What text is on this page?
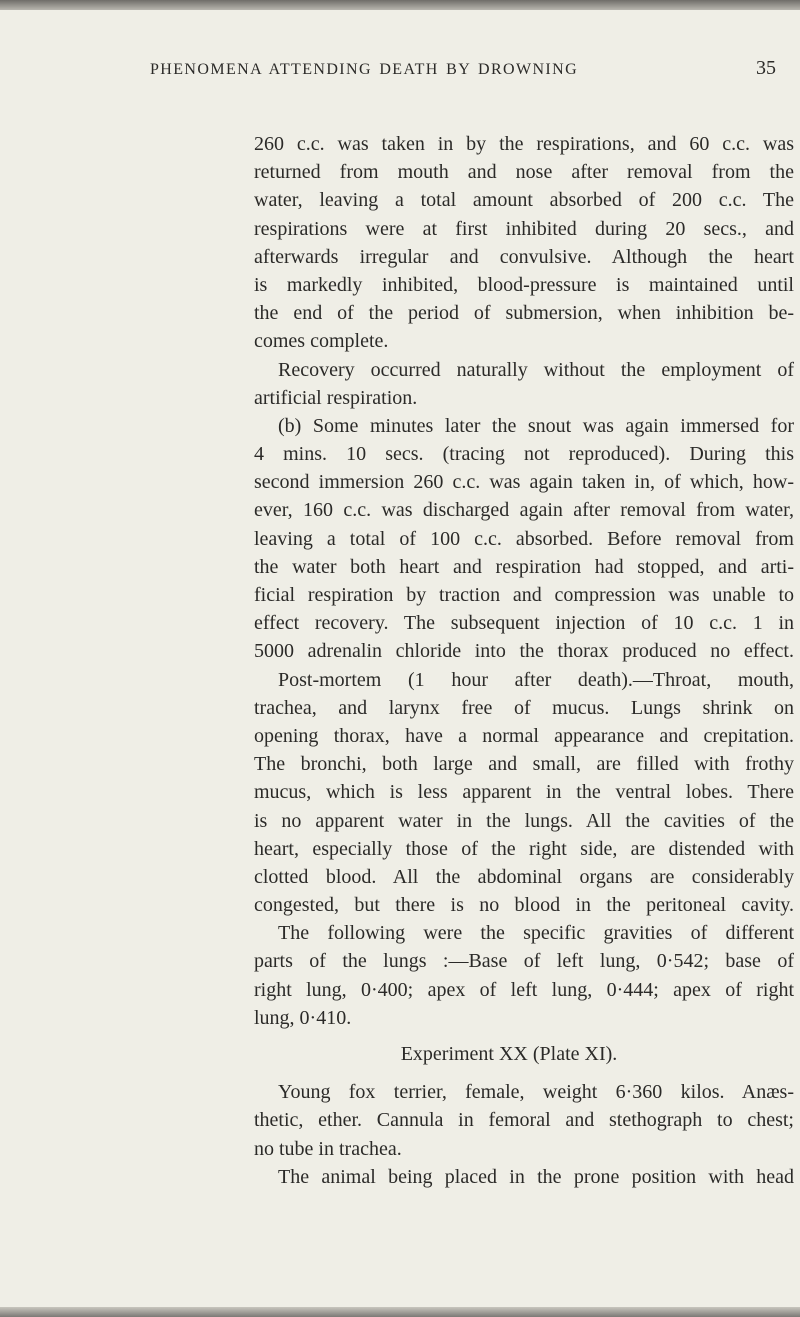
PHENOMENA ATTENDING DEATH BY DROWNING	35
260 c.c. was taken in by the respirations, and 60 c.c. was
returned from mouth and nose after removal from the
water, leaving a total amount absorbed of 200 c.c. The
respirations were at first inhibited during 20 secs., and
afterwards irregular and convulsive. Although the heart
is markedly inhibited, blood-pressure is maintained until
the end of the period of submersion, when inhibition be-
comes complete.
Recovery occurred naturally without the employment of
artificial respiration.
(b) Some minutes later the snout was again immersed for
4 mins. 10 secs. (tracing not reproduced). During this
second immersion 260 c.c. was again taken in, of which, how-
ever, 160 c.c. was discharged again after removal from water,
leaving a total of 100 c.c. absorbed. Before removal from
the water both heart and respiration had stopped, and arti-
ficial respiration by traction and compression was unable to
effect recovery. The subsequent injection of 10 c.c. 1 in
5000 adrenalin chloride into the thorax produced no effect.
Post-mortem (1 hour after death).—Throat, mouth,
trachea, and larynx free of mucus. Lungs shrink on
opening thorax, have a normal appearance and crepitation.
The bronchi, both large and small, are filled with frothy
mucus, which is less apparent in the ventral lobes. There
is no apparent water in the lungs. All the cavities of the
heart, especially those of the right side, are distended with
clotted blood. All the abdominal organs are considerably
congested, but there is no blood in the peritoneal cavity.
The following were the specific gravities of different
parts of the lungs :—Base of left lung, 0·542; base of
right lung, 0·400; apex of left lung, 0·444; apex of right
lung, 0·410.
Experiment XX (Plate XI).
Young fox terrier, female, weight 6·360 kilos. Anæs-
thetic, ether. Cannula in femoral and stethograph to chest;
no tube in trachea.
The animal being placed in the prone position with head
